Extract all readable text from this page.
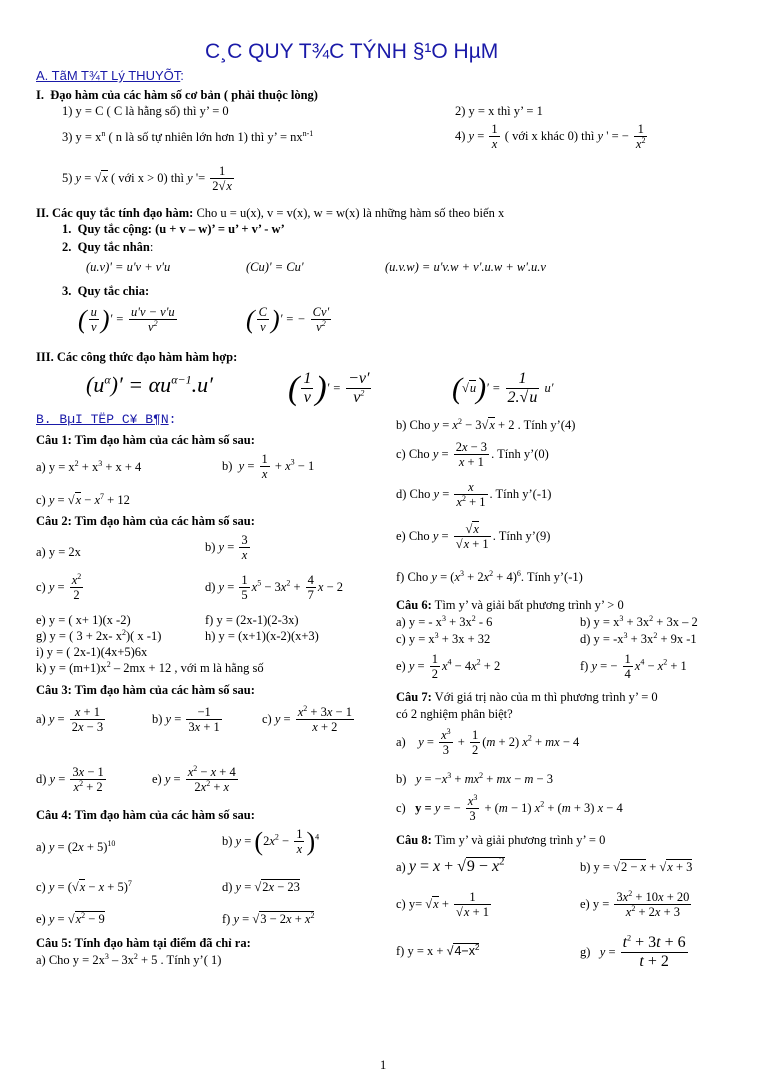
C¸C QUY T¾C TÝNH §¹O HµM
A. TãM T¾T Lý THUYÕT:
I. Đạo hàm của các hàm số cơ bản ( phải thuộc lòng)
1) y = C ( C là hằng số) thì y’ = 0	2) y = x thì y’ = 1
3) $y = x^n$ ( n là số tự nhiên lớn hơn 1) thì y’ = $nx^{n-1}$	4) $y = \frac{1}{x}$ ( với x khác 0) thì y ' = − $\frac{1}{x^2}$
5) y = √x ( với x > 0) thì y '= $\frac{1}{2√x}$
II. Các quy tắc tính đạo hàm: Cho u = u(x), v = v(x), w = w(x) là những hàm số theo biến x
1. Quy tắc cộng: (u + v – w)’ = u’ + v’ - w’
2. Quy tắc nhân:
(u.v)' = u'v + v'u	(Cu)' = Cu'	(u.v.w) = u'v.w + v'.u.w + w'.u.v
3. Quy tắc chia:
( $\frac{u}{v}$ )′ = $\frac{u'v - v'u}{v^2}$	( $\frac{C}{v}$ )′ = − $\frac{Cv'}{v^2}$
III. Các công thức đạo hàm hàm hợp:
$(u^\alpha)' = \alpha u^{\alpha-1}.u'$ ( $\frac{1}{v}$ )′ = $\frac{-v'}{v^2}$	$(√u)' = \frac{1}{2.√u} u'$
B. BµI TËP C¥ B¶N:
Câu 1: Tìm đạo hàm của các hàm số sau:
a) $y = x^2 + x^3 + x + 4$	b) $y = \frac{1}{x} + x^3 - 1$
c) $y = √x - x^7 + 12$
Câu 2: Tìm đạo hàm của các hàm số sau:
a) y = 2x	b) $y = \frac{3}{x}$
c) $y = \frac{x^2}{2}$	d) $y = \frac{1}{5} x^5 - 3x^2 + \frac{4}{7}$ x − 2
e) y = ( x+ 1)(x -2)	f) y = (2x-1)(2-3x)
g) y = ( 3 + 2x- $x^2$)( x -1)	h) y = (x+1)(x-2)(x+3)
i) y = ( 2x-1)(4x+5)6x
k) $y = (m+1)x^2 - 2mx + 12$ , với m là hằng số
Câu 3: Tìm đạo hàm của các hàm số sau:
a) $y = \frac{x + 1}{2x - 3}$	b) $y = \frac{-1}{3x + 1}$	c) $y = \frac{x^2 + 3x - 1}{x + 2}$
d) $y = \frac{3x - 1}{x^2 + 2}$	e) $y = \frac{x^2 - x + 4}{2x^2 + x}$
Câu 4: Tìm đạo hàm của các hàm số sau:
a) $y = (2x + 5)^{10}$	b) $y = (2x^2 - \frac{1}{x} )^4$
c) $y = (√x - x + 5)^7$	d) y = √2x − 23
e) $y = √x^2 - 9$	f) $y = √3 - 2x + x^2$
Câu 5: Tính đạo hàm tại điểm đã chỉ ra:
a) Cho $y = 2x^3 - 3x^2 + 5$ . Tính y’( 1)
b) Cho $y = x^2 - 3√x + 2$ . Tính y’(4)
c) Cho $y = \frac{2x - 3}{x + 1}$ . Tính y’(0)
d) Cho $y = \frac{x}{x^2 + 1}$ . Tính y’(-1)
e) Cho $y = \frac{√x}{√x + 1}$ . Tính y’(9)
f) Cho $y = (x^3 + 2x^2 + 4)^6$. Tính y’(-1)
Câu 6: Tìm y’ và giải bất phương trình y’ > 0
a) y = - $x^3 + 3x^2 - 6$	b) $y = x^3 + 3x^2 + 3x - 2$
c) $y = x^3 + 3x + 32$	d) $y = -x^3 + 3x^2 + 9x$ -1
e) $y = \frac{1}{2} x^4 - 4x^2 + 2$	f) y = − $\frac{1}{4} x^4 - x^2 + 1$
Câu 7: Với giá trị nào của m thì phương trình y’ = 0
có 2 nghiệm phân biệt?
a) $y = \frac{x^3}{3} + \frac{1}{2} (m + 2) x^2$ + mx − 4
b) $y = -x^3 + mx^2$ + mx − m − 3
c) y = y = − $\frac{x^3}{3} + (m - 1) x^2 + (m + 3) x - 4$
Câu 8: Tìm y’ và giải phương trình y’ = 0
a) $y = x + √9 - x^2$	b) y = √2 − x + √x + 3
c) $y= √x + \frac{1}{√x + 1}$	e) $y = \frac{3x^2 + 10x + 20}{x^2 + 2x + 3}$
f) $y = x + √4-x^2$	g) $y = \frac{t^2 + 3t + 6}{t + 2}$
1
